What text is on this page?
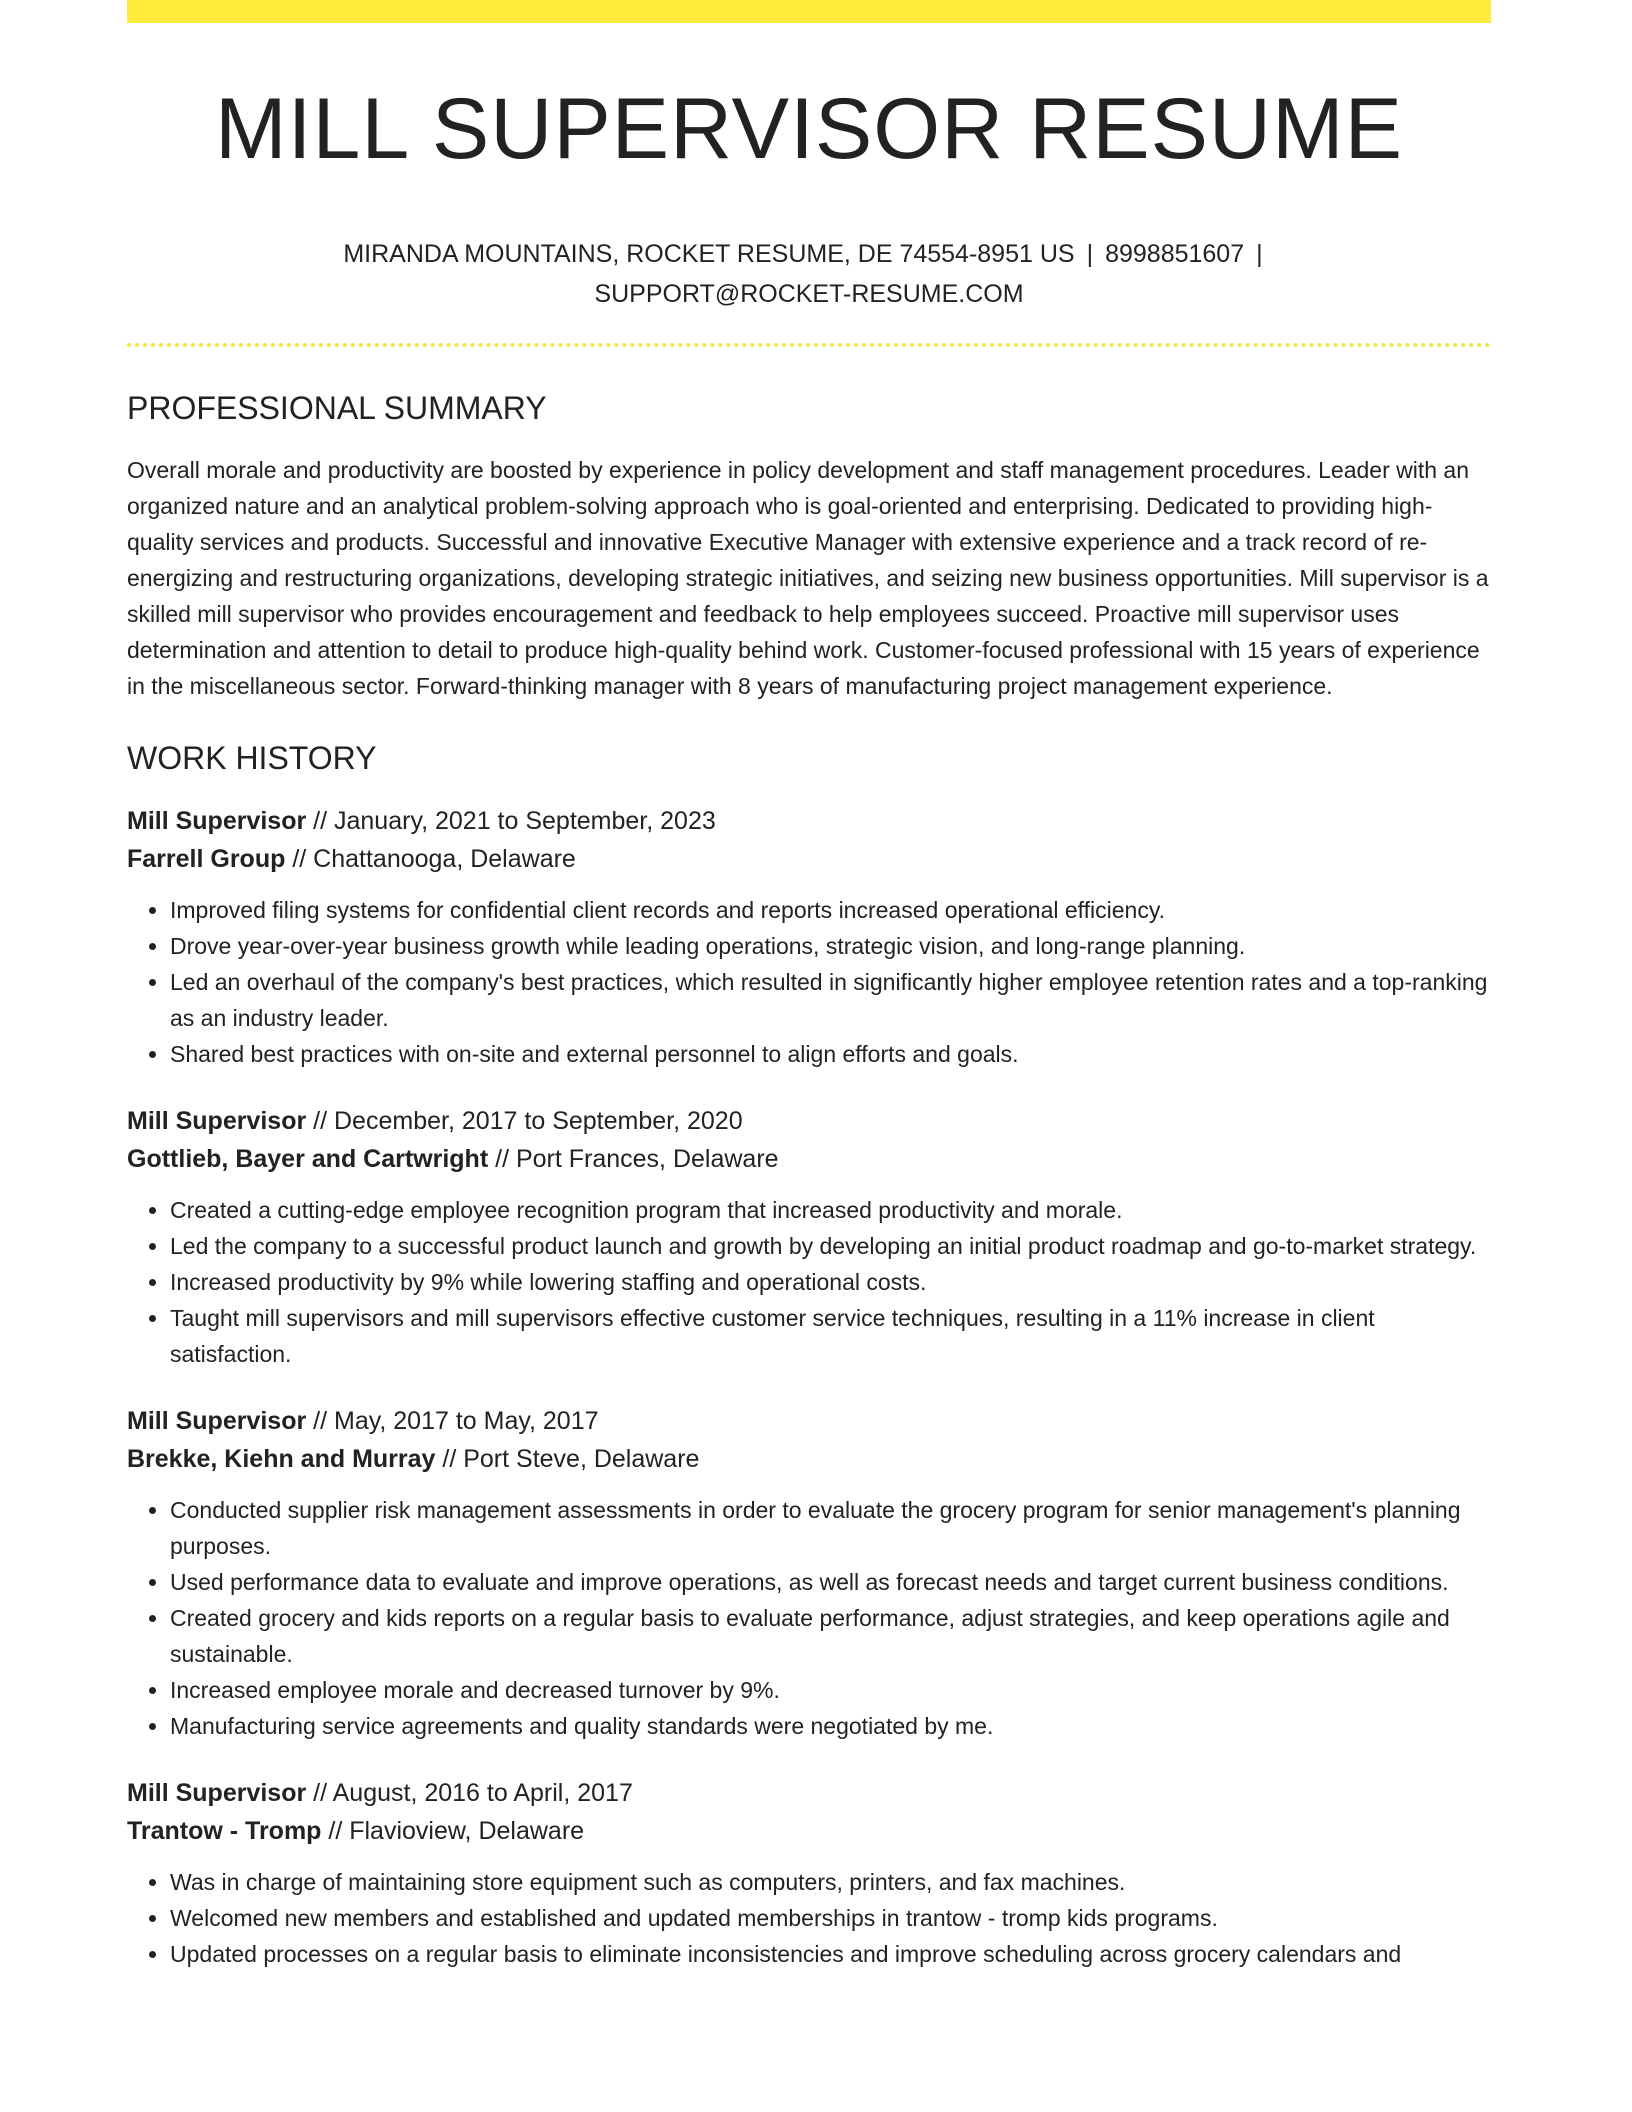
MILL SUPERVISOR RESUME
MIRANDA MOUNTAINS, ROCKET RESUME, DE 74554-8951 US | 8998851607 |
SUPPORT@ROCKET-RESUME.COM
PROFESSIONAL SUMMARY

Overall morale and productivity are boosted by experience in policy development and staff management procedures. Leader with an organized nature and an analytical problem-solving approach who is goal-oriented and enterprising. Dedicated to providing high-quality services and products. Successful and innovative Executive Manager with extensive experience and a track record of re-energizing and restructuring organizations, developing strategic initiatives, and seizing new business opportunities. Mill supervisor is a skilled mill supervisor who provides encouragement and feedback to help employees succeed. Proactive mill supervisor uses determination and attention to detail to produce high-quality behind work. Customer-focused professional with 15 years of experience in the miscellaneous sector. Forward-thinking manager with 8 years of manufacturing project management experience.

WORK HISTORY
Mill Supervisor // January, 2021 to September, 2023
Farrell Group // Chattanooga, Delaware
• Improved filing systems for confidential client records and reports increased operational efficiency.
• Drove year-over-year business growth while leading operations, strategic vision, and long-range planning.
• Led an overhaul of the company's best practices, which resulted in significantly higher employee retention rates and a top-ranking as an industry leader.
• Shared best practices with on-site and external personnel to align efforts and goals.
Mill Supervisor // December, 2017 to September, 2020
Gottlieb, Bayer and Cartwright // Port Frances, Delaware
• Created a cutting-edge employee recognition program that increased productivity and morale.
• Led the company to a successful product launch and growth by developing an initial product roadmap and go-to-market strategy.
• Increased productivity by 9% while lowering staffing and operational costs.
• Taught mill supervisors and mill supervisors effective customer service techniques, resulting in a 11% increase in client satisfaction.
Mill Supervisor // May, 2017 to May, 2017
Brekke, Kiehn and Murray // Port Steve, Delaware
• Conducted supplier risk management assessments in order to evaluate the grocery program for senior management's planning purposes.
• Used performance data to evaluate and improve operations, as well as forecast needs and target current business conditions.
• Created grocery and kids reports on a regular basis to evaluate performance, adjust strategies, and keep operations agile and sustainable.
• Increased employee morale and decreased turnover by 9%.
• Manufacturing service agreements and quality standards were negotiated by me.
Mill Supervisor // August, 2016 to April, 2017
Trantow - Tromp // Flavioview, Delaware
• Was in charge of maintaining store equipment such as computers, printers, and fax machines.
• Welcomed new members and established and updated memberships in trantow - tromp kids programs.
• Updated processes on a regular basis to eliminate inconsistencies and improve scheduling across grocery calendars and
